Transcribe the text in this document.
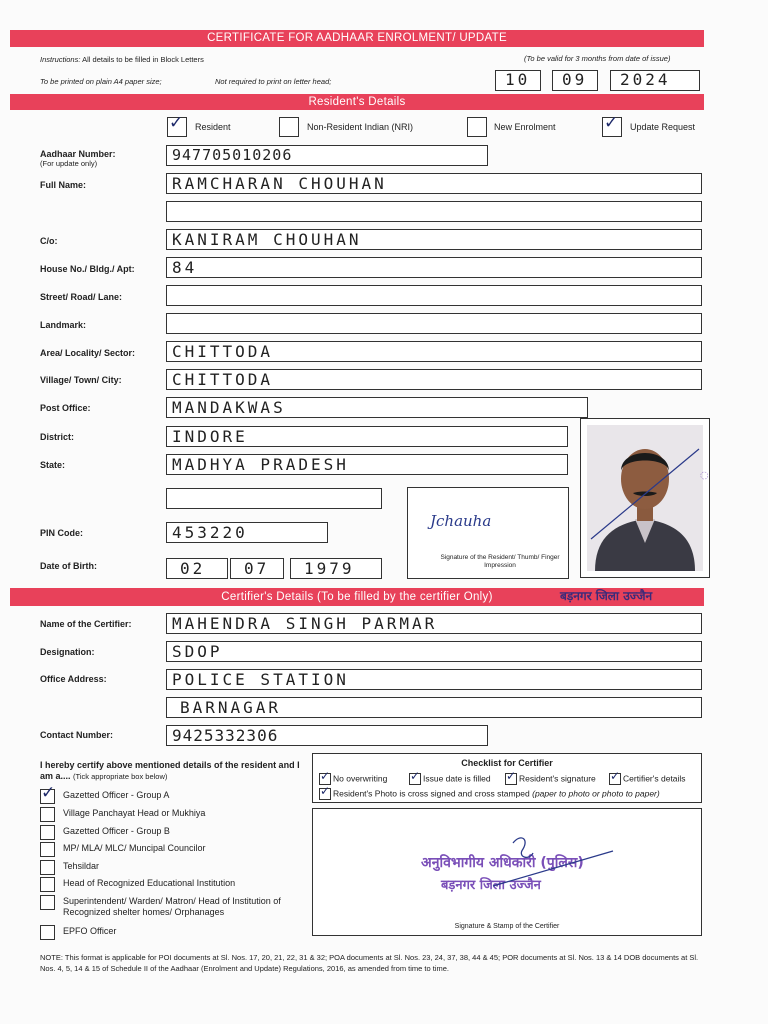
CERTIFICATE FOR AADHAAR ENROLMENT/ UPDATE
Instructions: All details to be filled in Block Letters	(To be valid for 3 months from date of issue)
To be printed on plain A4 paper size;	Not required to print on letter head;	10 09 2024
Resident's Details
✓ Resident	Non-Resident Indian (NRI)	New Enrolment	✓ Update Request
Aadhaar Number:
(For update only)	947705010206
Full Name:	RAMCHARAN CHOUHAN
C/o:	KANIRAM CHOUHAN
House No./ Bldg./ Apt: 84
Street/ Road/ Lane:
Landmark:
Area/ Locality/ Sector: CHITTODA
Village/ Town/ City:	CHITTODA
Post Office:	MANDAKWAS
District:	INDORE
State:	MADHYA PRADESH
PIN Code:	453220
Date of Birth:	02 07 1979
Jchauha
Signature of the Resident/ Thumb/ Finger Impression
◌
Certifier's Details (To be filled by the certifier Only)	बड़नगर जिला उज्जैन
Name of the Certifier:	MAHENDRA SINGH PARMAR
Designation:	SDOP
Office Address:	POLICE STATION
BARNAGAR
Contact Number:	9425332306
I hereby certify above mentioned details of the resident and I am a.... (Tick appropriate box below)
✓ Gazetted Officer - Group A
Village Panchayat Head or Mukhiya
Gazetted Officer - Group B
MP/ MLA/ MLC/ Muncipal Councilor
Tehsildar
Head of Recognized Educational Institution
Superintendent/ Warden/ Matron/ Head of Institution of Recognized shelter homes/ Orphanages
EPFO Officer
Checklist for Certifier
✓No overwriting ✓	Issue date is filled ✓	Resident's signature ✓	Certifier's details
✓Resident's Photo is cross signed and cross stamped (paper to photo or photo to paper)
अनुविभागीय अधिकारी (पुलिस)
बड़नगर जिला उज्जैन
Signature & Stamp of the Certifier
NOTE: This format is applicable for POI documents at Sl. Nos. 17, 20, 21, 22, 31 & 32; POA documents at Sl. Nos. 23, 24, 37, 38, 44 & 45; POR documents at Sl. Nos. 13 & 14 DOB documents at Sl. Nos. 4, 5, 14 & 15 of Schedule II of the Aadhaar (Enrolment and Update) Regulations, 2016, as amended from time to time.
